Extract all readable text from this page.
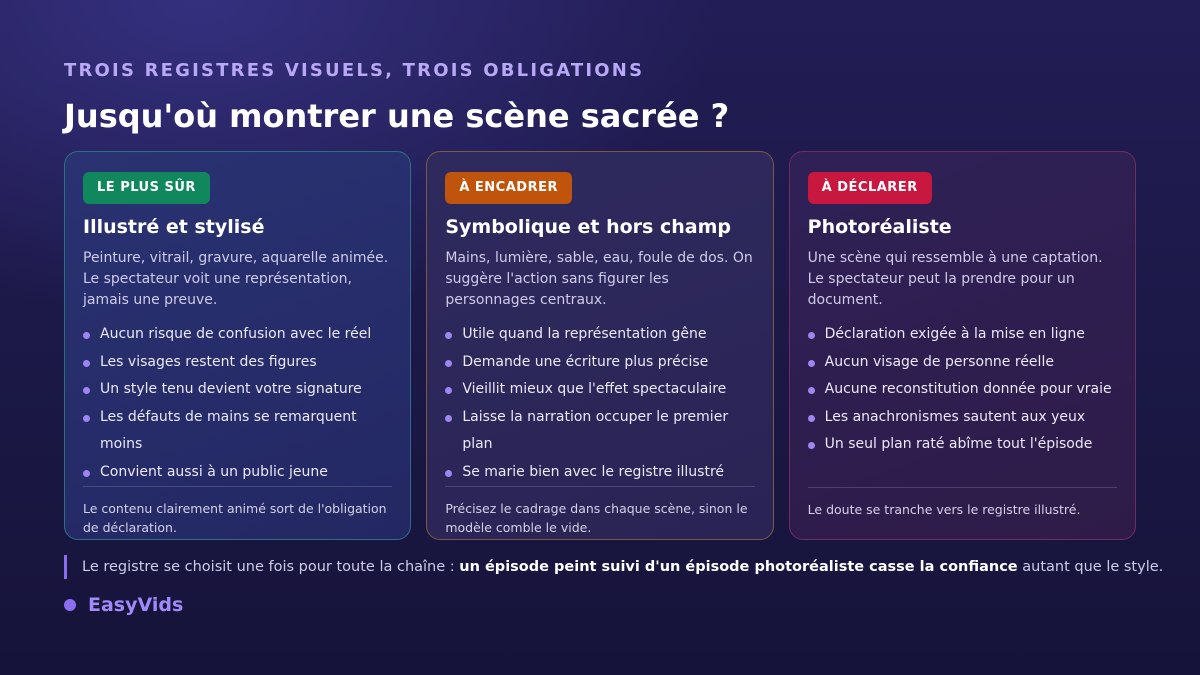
TROIS REGISTRES VISUELS, TROIS OBLIGATIONS
Jusqu'où montrer une scène sacrée ?
LE PLUS SÛR
Illustré et stylisé

Peinture, vitrail, gravure, aquarelle animée. Le spectateur voit une représentation, jamais une preuve.

Aucun risque de confusion avec le réel
Les visages restent des figures
Un style tenu devient votre signature
Les défauts de mains se remarquent moins
Convient aussi à un public jeune
Le contenu clairement animé sort de l'obligation de déclaration.
À ENCADRER
Symbolique et hors champ

Mains, lumière, sable, eau, foule de dos. On suggère l'action sans figurer les personnages centraux.

Utile quand la représentation gêne
Demande une écriture plus précise
Vieillit mieux que l'effet spectaculaire
Laisse la narration occuper le premier plan
Se marie bien avec le registre illustré
Précisez le cadrage dans chaque scène, sinon le modèle comble le vide.
À DÉCLARER
Photoréaliste

Une scène qui ressemble à une captation. Le spectateur peut la prendre pour un document.

Déclaration exigée à la mise en ligne
Aucun visage de personne réelle
Aucune reconstitution donnée pour vraie
Les anachronismes sautent aux yeux
Un seul plan raté abîme tout l'épisode
Le doute se tranche vers le registre illustré.
Le registre se choisit une fois pour toute la chaîne : un épisode peint suivi d'un épisode photoréaliste casse la confiance autant que le style.
EasyVids
